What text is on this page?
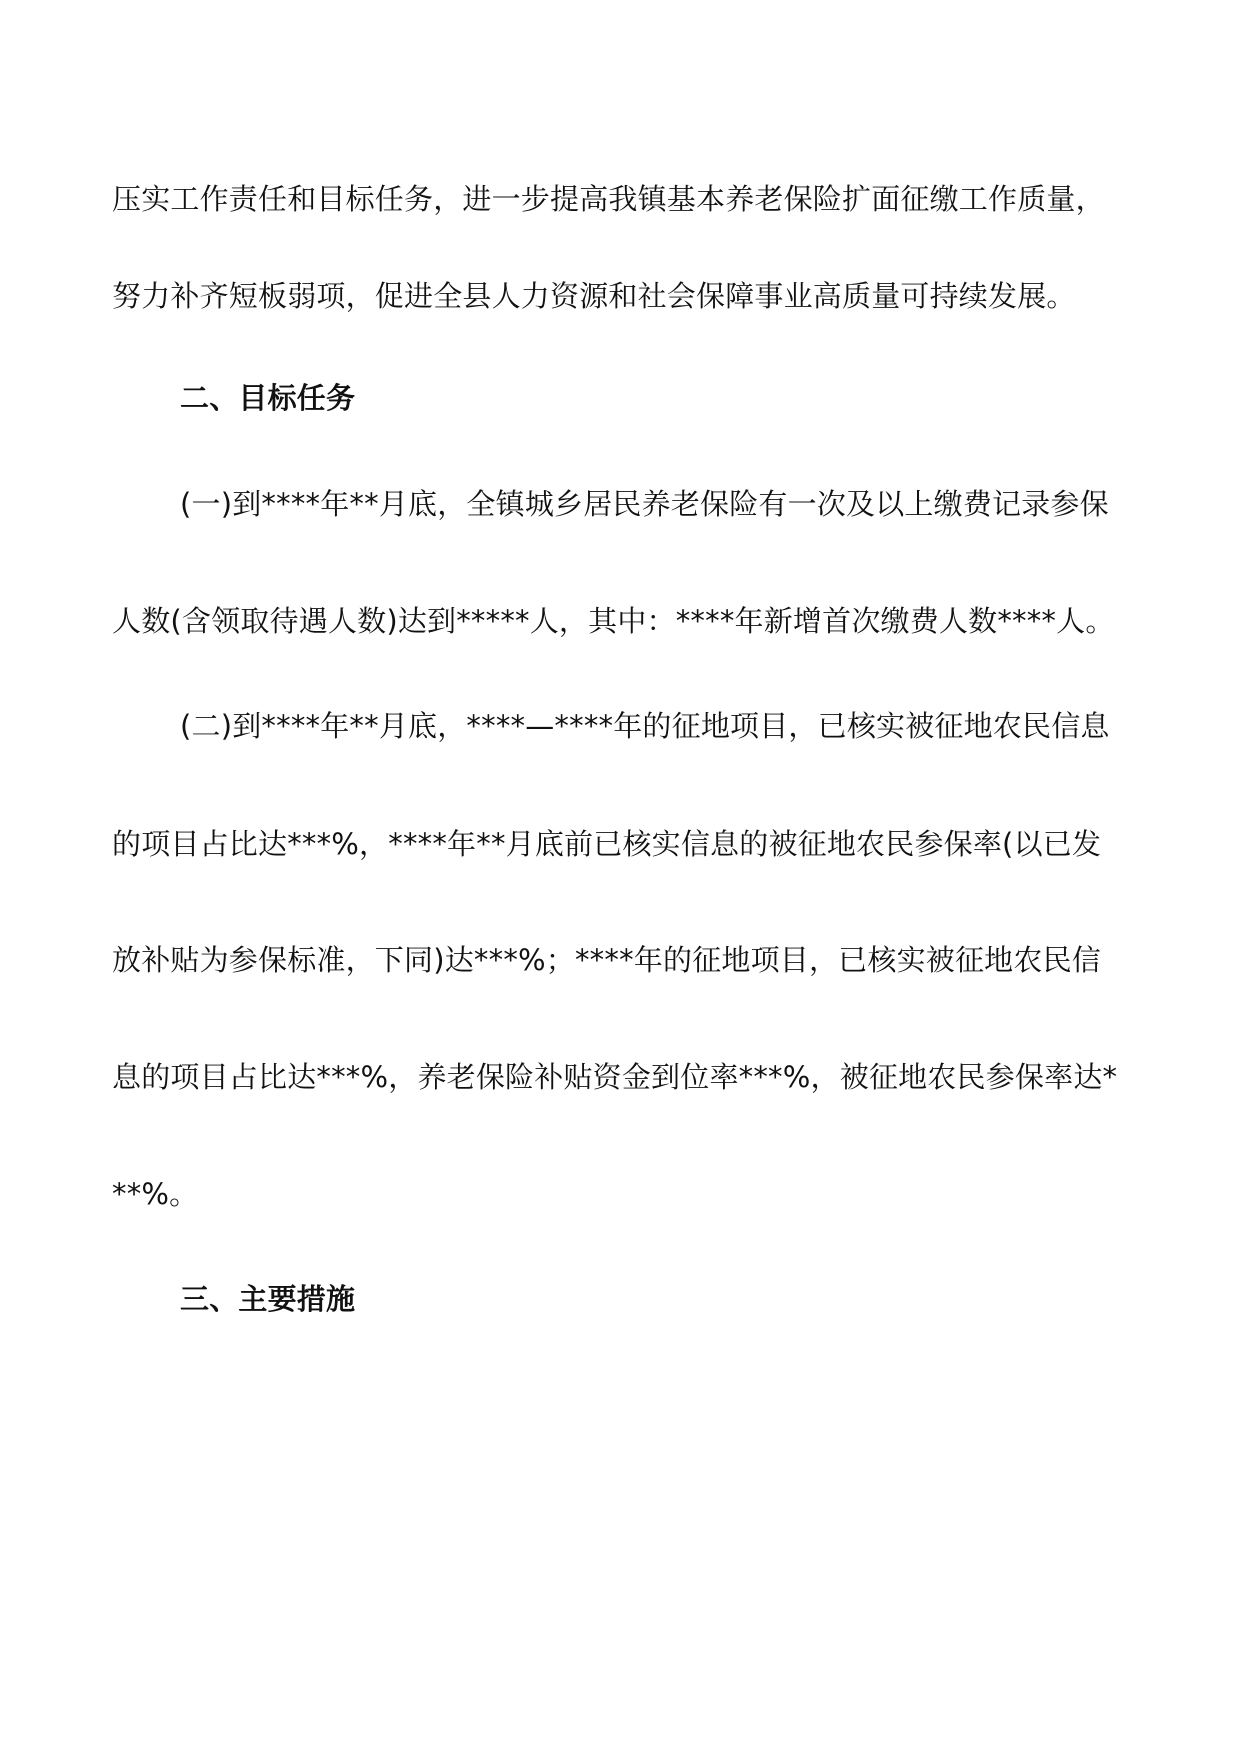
压实工作责任和目标任务，进一步提高我镇基本养老保险扩面征缴工作质量，
努力补齐短板弱项，促进全县人力资源和社会保障事业高质量可持续发展。
二、目标任务
(一)到****年**月底，全镇城乡居民养老保险有一次及以上缴费记录参保
人数(含领取待遇人数)达到*****人，其中：****年新增首次缴费人数****人。
(二)到****年**月底，****—****年的征地项目，已核实被征地农民信息
的项目占比达***%，****年**月底前已核实信息的被征地农民参保率(以已发
放补贴为参保标准，下同)达***%；****年的征地项目，已核实被征地农民信
息的项目占比达***%，养老保险补贴资金到位率***%，被征地农民参保率达*
**%。
三、主要措施
